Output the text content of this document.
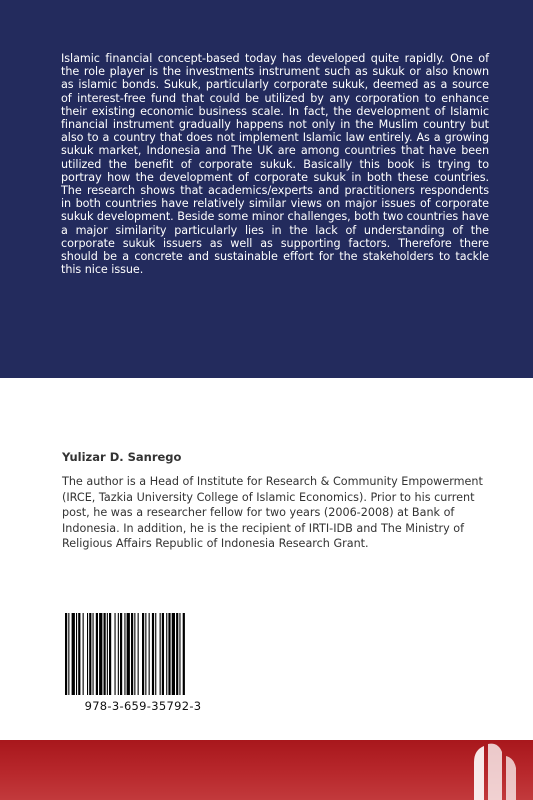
Islamic financial concept-based today has developed quite rapidly. One of the role player is the investments instrument such as sukuk or also known as islamic bonds. Sukuk, particularly corporate sukuk, deemed as a source of interest-free fund that could be utilized by any corporation to enhance their existing economic business scale. In fact, the development of Islamic financial instrument gradually happens not only in the Muslim country but also to a country that does not implement Islamic law entirely. As a growing sukuk market, Indonesia and The UK are among countries that have been utilized the benefit of corporate sukuk. Basically this book is trying to portray how the development of corporate sukuk in both these countries. The research shows that academics/experts and practitioners respondents in both countries have relatively similar views on major issues of corporate sukuk development. Beside some minor challenges, both two countries have a major similarity particularly lies in the lack of understanding of the corporate sukuk issuers as well as supporting factors. Therefore there should be a concrete and sustainable effort for the stakeholders to tackle this nice issue.

Yulizar D. Sanrego

The author is a Head of Institute for Research & Community Empowerment (IRCE, Tazkia University College of Islamic Economics). Prior to his current post, he was a researcher fellow for two years (2006-2008) at Bank of Indonesia. In addition, he is the recipient of IRTI-IDB and The Ministry of Religious Affairs Republic of Indonesia Research Grant.

978-3-659-35792-3
